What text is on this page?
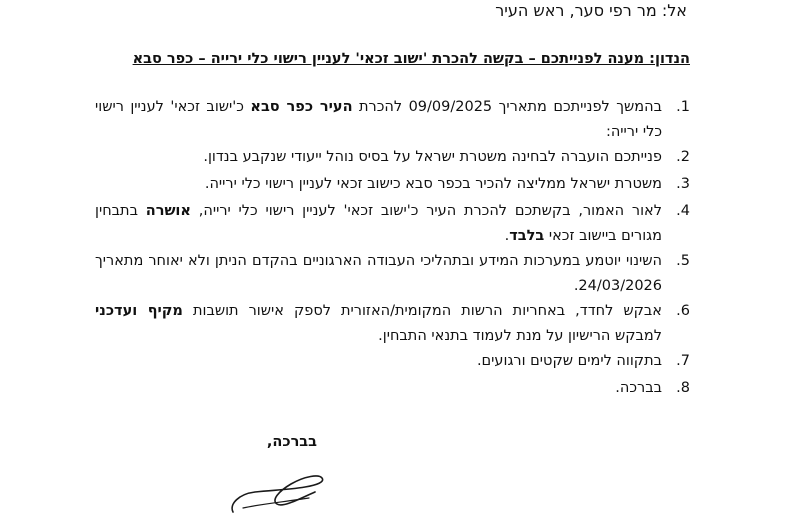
אל: מר רפי סער, ראש העיר
הנדון: מענה לפנייתכם – בקשה להכרת 'ישוב זכאי' לעניין רישוי כלי ירייה – כפר סבא
1.
בהמשך לפנייתכם מתאריך 09/09/2025 להכרת העיר כפר סבא כ'ישוב זכאי' לעניין רישוי כלי ירייה:
2.
פנייתכם הועברה לבחינה משטרת ישראל על בסיס נוהל ייעודי שנקבע בנדון.
3.
משטרת ישראל ממליצה להכיר בכפר סבא כישוב זכאי לעניין רישוי כלי ירייה.
4.
לאור האמור, בקשתכם להכרת העיר כ'ישוב זכאי' לעניין רישוי כלי ירייה, אושרה בתבחין מגורים ביישוב זכאי בלבד.
5.
השינוי יוטמע במערכות המידע ובתהליכי העבודה הארגוניים בהקדם הניתן ולא יאוחר מתאריך 24/03/2026.
6.
אבקש לחדד, באחריות הרשות המקומית/האזורית לספק אישור תושבות מקיף ועדכני למבקש הרישיון על מנת לעמוד בתנאי התבחין.
7.
בתקווה לימים שקטים ורגועים.
8.
בברכה.
בברכה,
